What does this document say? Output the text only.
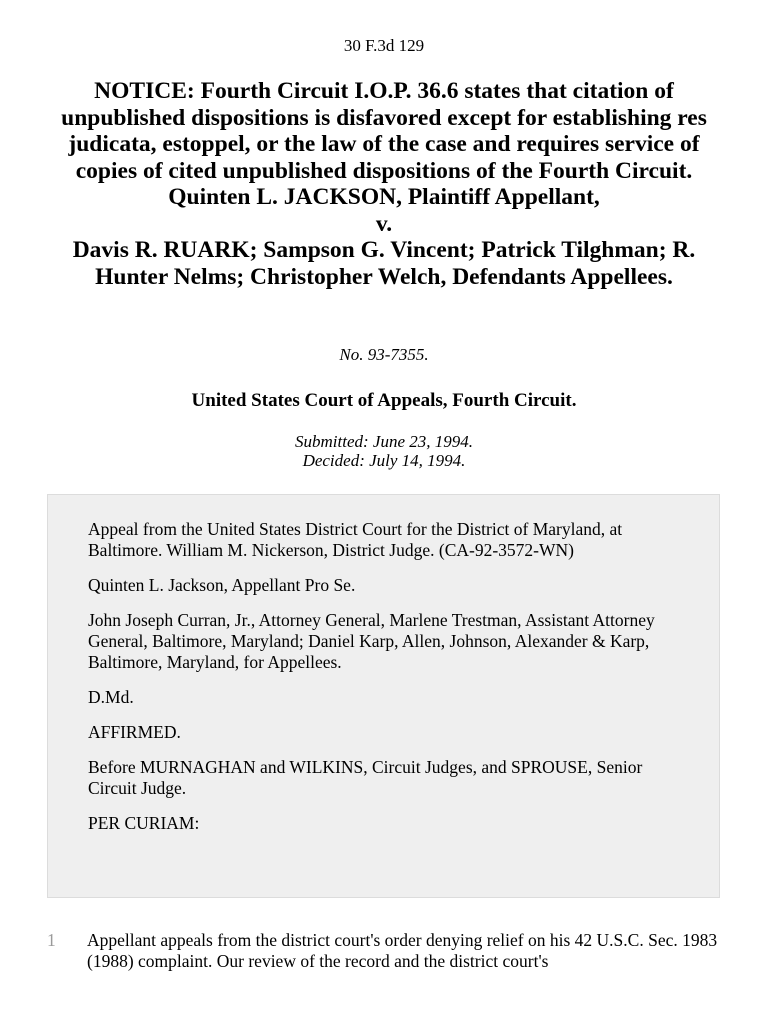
30 F.3d 129
NOTICE: Fourth Circuit I.O.P. 36.6 states that citation of unpublished dispositions is disfavored except for establishing res judicata, estoppel, or the law of the case and requires service of copies of cited unpublished dispositions of the Fourth Circuit.
Quinten L. JACKSON, Plaintiff Appellant,
v.
Davis R. RUARK; Sampson G. Vincent; Patrick Tilghman; R. Hunter Nelms; Christopher Welch, Defendants Appellees.
No. 93-7355.
United States Court of Appeals, Fourth Circuit.
Submitted: June 23, 1994.
Decided: July 14, 1994.

Appeal from the United States District Court for the District of Maryland, at Baltimore. William M. Nickerson, District Judge. (CA-92-3572-WN)

Quinten L. Jackson, Appellant Pro Se.

John Joseph Curran, Jr., Attorney General, Marlene Trestman, Assistant Attorney General, Baltimore, Maryland; Daniel Karp, Allen, Johnson, Alexander & Karp, Baltimore, Maryland, for Appellees.

D.Md.

AFFIRMED.

Before MURNAGHAN and WILKINS, Circuit Judges, and SPROUSE, Senior Circuit Judge.

PER CURIAM:

1 Appellant appeals from the district court's order denying relief on his 42 U.S.C. Sec. 1983 (1988) complaint. Our review of the record and the district court's
